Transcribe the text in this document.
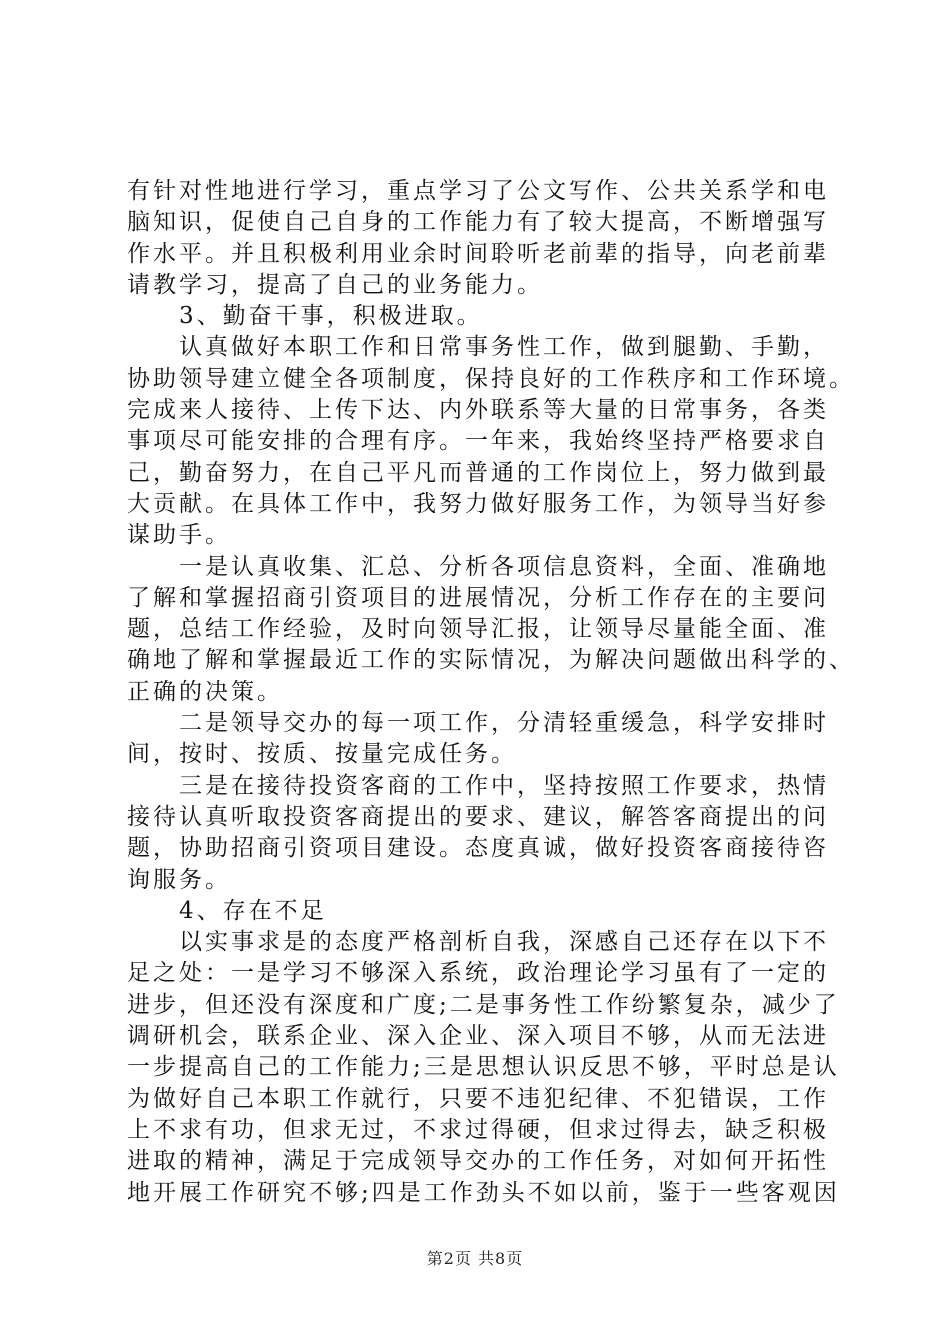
有针对性地进行学习，重点学习了公文写作、公共关系学和电
脑知识，促使自己自身的工作能力有了较大提高，不断增强写
作水平。并且积极利用业余时间聆听老前辈的指导，向老前辈
请教学习，提高了自己的业务能力。
3、勤奋干事，积极进取。
认真做好本职工作和日常事务性工作，做到腿勤、手勤，
协助领导建立健全各项制度，保持良好的工作秩序和工作环境。
完成来人接待、上传下达、内外联系等大量的日常事务，各类
事项尽可能安排的合理有序。一年来，我始终坚持严格要求自
己，勤奋努力，在自己平凡而普通的工作岗位上，努力做到最
大贡献。在具体工作中，我努力做好服务工作，为领导当好参
谋助手。
一是认真收集、汇总、分析各项信息资料，全面、准确地
了解和掌握招商引资项目的进展情况，分析工作存在的主要问
题，总结工作经验，及时向领导汇报，让领导尽量能全面、准
确地了解和掌握最近工作的实际情况，为解决问题做出科学的、
正确的决策。
二是领导交办的每一项工作，分清轻重缓急，科学安排时
间，按时、按质、按量完成任务。
三是在接待投资客商的工作中，坚持按照工作要求，热情
接待认真听取投资客商提出的要求、建议，解答客商提出的问
题，协助招商引资项目建设。态度真诚，做好投资客商接待咨
询服务。
4、存在不足
以实事求是的态度严格剖析自我，深感自己还存在以下不
足之处：一是学习不够深入系统，政治理论学习虽有了一定的
进步，但还没有深度和广度;二是事务性工作纷繁复杂，减少了
调研机会，联系企业、深入企业、深入项目不够，从而无法进
一步提高自己的工作能力;三是思想认识反思不够，平时总是认
为做好自己本职工作就行，只要不违犯纪律、不犯错误，工作
上不求有功，但求无过，不求过得硬，但求过得去，缺乏积极
进取的精神，满足于完成领导交办的工作任务，对如何开拓性
地开展工作研究不够;四是工作劲头不如以前，鉴于一些客观因
第2页 共8页
